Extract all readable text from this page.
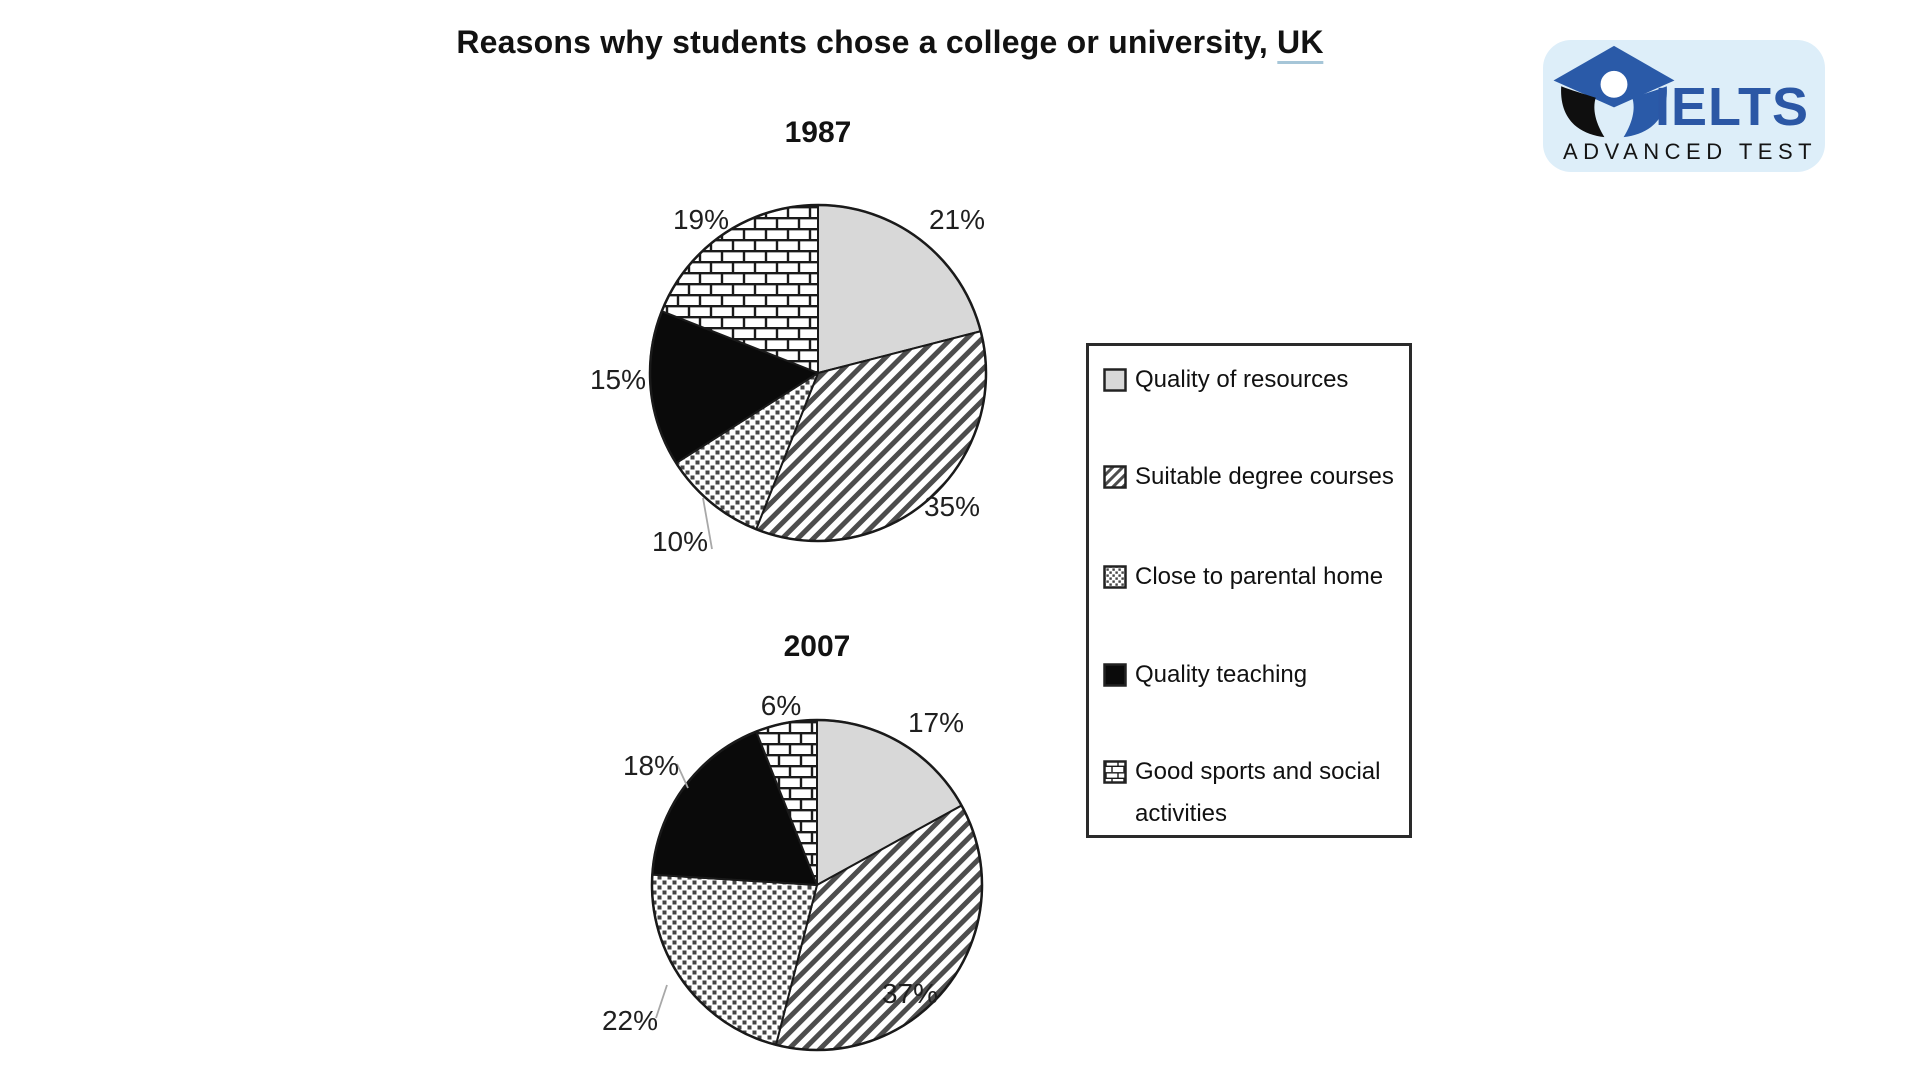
Reasons why students chose a college or university, UK
IELTS
ADVANCED TEST
1987
2007
21%
35%
10%
15%
19%
17%
37%
22%
18%
6%
Quality of resources
Suitable degree courses
Close to parental home
Quality teaching
Good sports and social activities
